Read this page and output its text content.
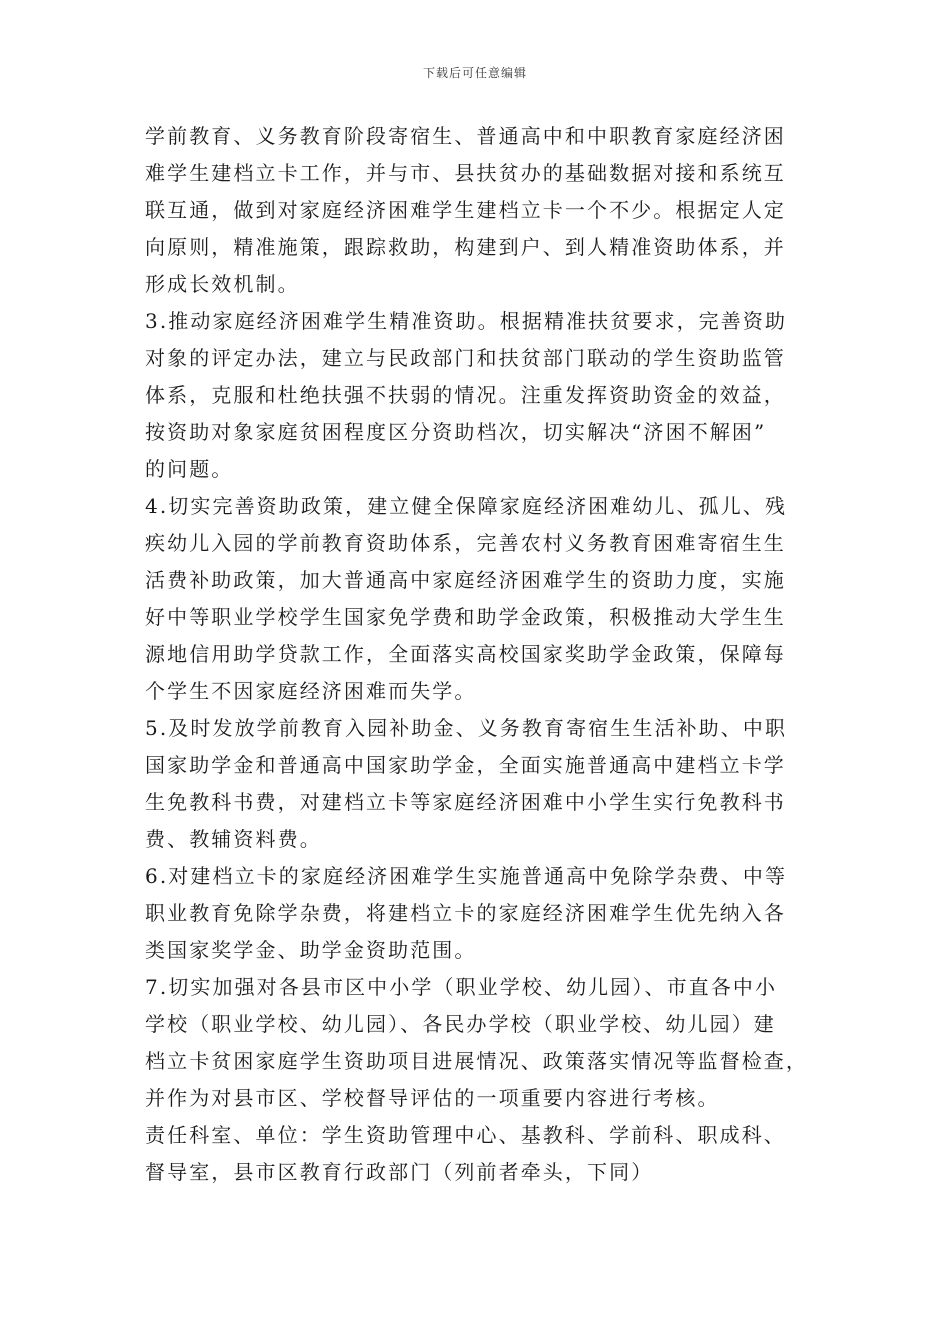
下载后可任意编辑
学前教育、义务教育阶段寄宿生、普通高中和中职教育家庭经济困
难学生建档立卡工作，并与市、县扶贫办的基础数据对接和系统互
联互通，做到对家庭经济困难学生建档立卡一个不少。根据定人定
向原则，精准施策，跟踪救助，构建到户、到人精准资助体系，并
形成长效机制。
3.推动家庭经济困难学生精准资助。根据精准扶贫要求，完善资助
对象的评定办法，建立与民政部门和扶贫部门联动的学生资助监管
体系，克服和杜绝扶强不扶弱的情况。注重发挥资助资金的效益，
按资助对象家庭贫困程度区分资助档次，切实解决“济困不解困”
的问题。
4.切实完善资助政策，建立健全保障家庭经济困难幼儿、孤儿、残
疾幼儿入园的学前教育资助体系，完善农村义务教育困难寄宿生生
活费补助政策，加大普通高中家庭经济困难学生的资助力度，实施
好中等职业学校学生国家免学费和助学金政策，积极推动大学生生
源地信用助学贷款工作，全面落实高校国家奖助学金政策，保障每
个学生不因家庭经济困难而失学。
5.及时发放学前教育入园补助金、义务教育寄宿生生活补助、中职
国家助学金和普通高中国家助学金，全面实施普通高中建档立卡学
生免教科书费，对建档立卡等家庭经济困难中小学生实行免教科书
费、教辅资料费。
6.对建档立卡的家庭经济困难学生实施普通高中免除学杂费、中等
职业教育免除学杂费，将建档立卡的家庭经济困难学生优先纳入各
类国家奖学金、助学金资助范围。
7.切实加强对各县市区中小学（职业学校、幼儿园）、市直各中小
学校（职业学校、幼儿园）、各民办学校（职业学校、幼儿园）建
档立卡贫困家庭学生资助项目进展情况、政策落实情况等监督检查，
并作为对县市区、学校督导评估的一项重要内容进行考核。
责任科室、单位：学生资助管理中心、基教科、学前科、职成科、
督导室，县市区教育行政部门（列前者牵头，下同）
